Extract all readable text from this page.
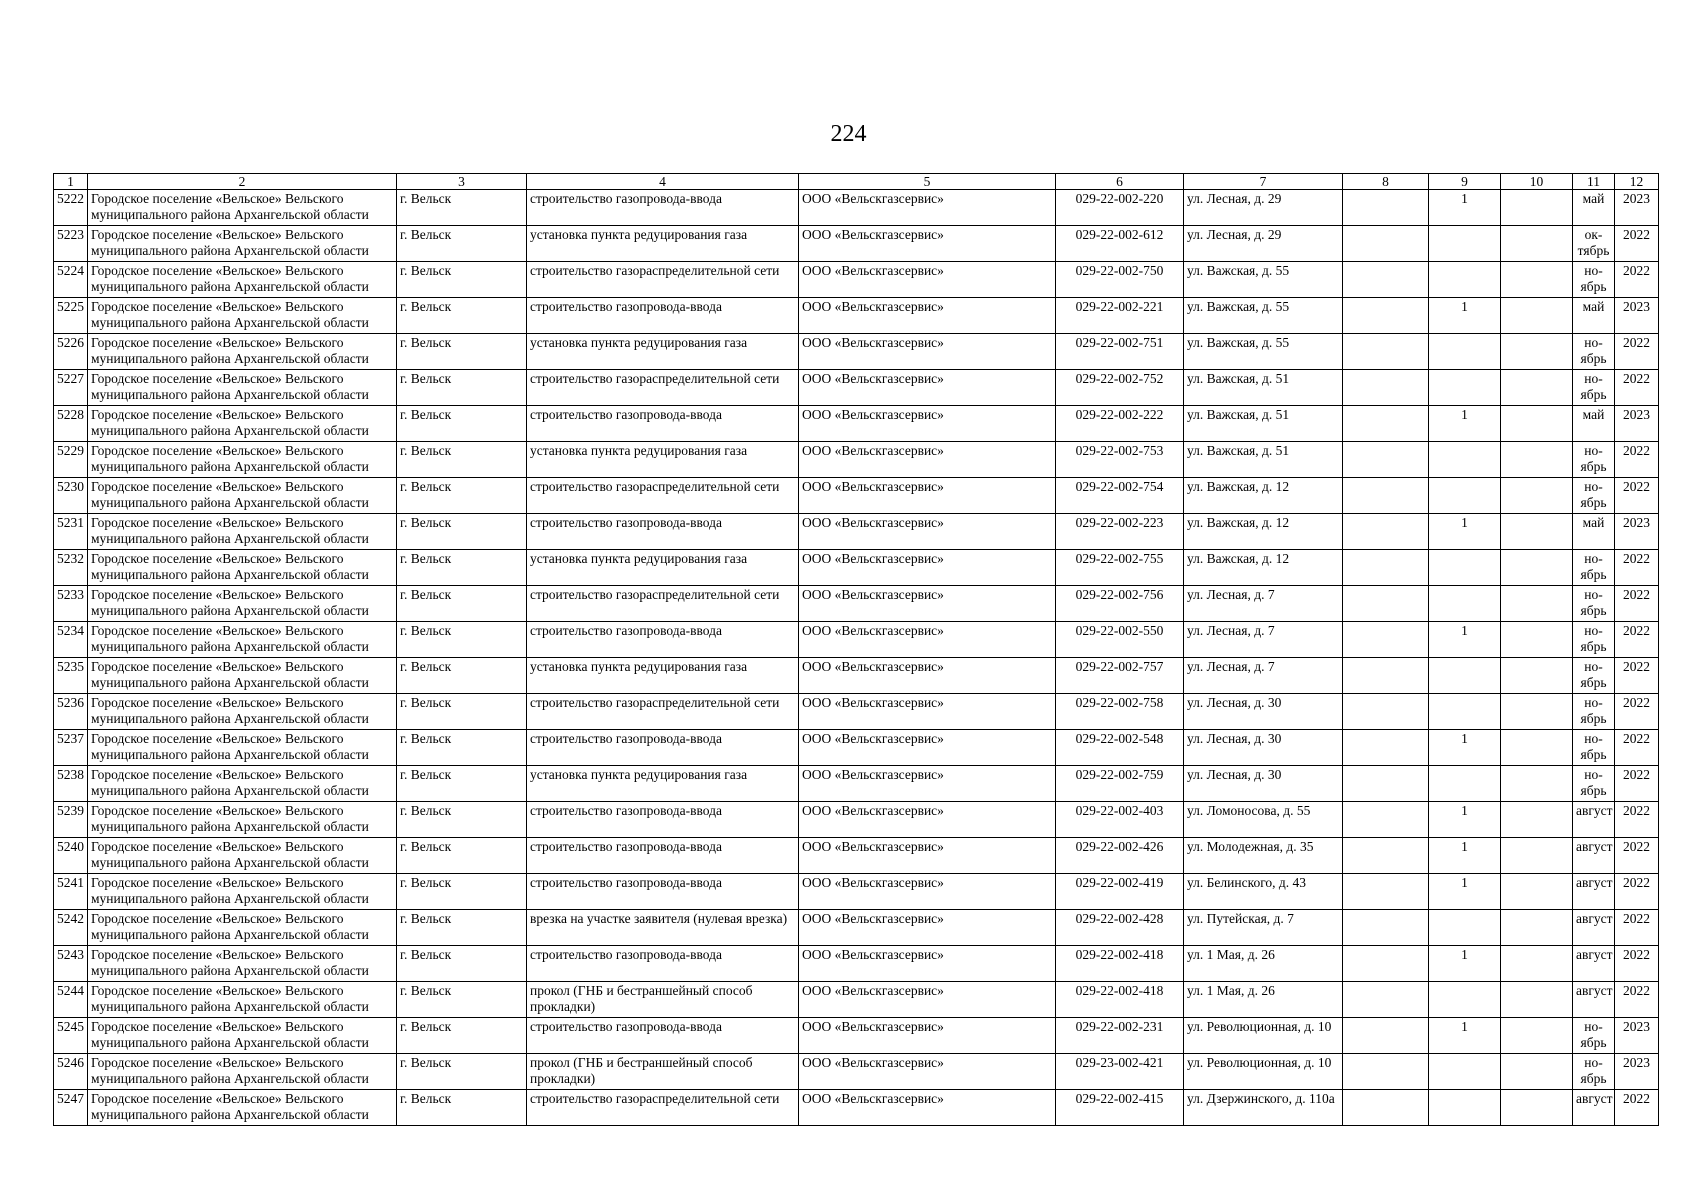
224
1	2	3	4	5	6	7	8	9	10	11	12
5222	Городское поселение «Вельское» Вельского муниципального района Архангельской области	г. Вельск	строительство газопровода-ввода	ООО «Вельскгазсервис»	029-22-002-220	ул. Лесная, д. 29		1		май	2023
5223	Городское поселение «Вельское» Вельского муниципального района Архангельской области	г. Вельск	установка пункта редуцирования газа	ООО «Вельскгазсервис»	029-22-002-612	ул. Лесная, д. 29				ок-тябрь	2022
5224	Городское поселение «Вельское» Вельского муниципального района Архангельской области	г. Вельск	строительство газораспределительной сети	ООО «Вельскгазсервис»	029-22-002-750	ул. Важская, д. 55				но-ябрь	2022
5225	Городское поселение «Вельское» Вельского муниципального района Архангельской области	г. Вельск	строительство газопровода-ввода	ООО «Вельскгазсервис»	029-22-002-221	ул. Важская, д. 55		1		май	2023
5226	Городское поселение «Вельское» Вельского муниципального района Архангельской области	г. Вельск	установка пункта редуцирования газа	ООО «Вельскгазсервис»	029-22-002-751	ул. Важская, д. 55				но-ябрь	2022
5227	Городское поселение «Вельское» Вельского муниципального района Архангельской области	г. Вельск	строительство газораспределительной сети	ООО «Вельскгазсервис»	029-22-002-752	ул. Важская, д. 51				но-ябрь	2022
5228	Городское поселение «Вельское» Вельского муниципального района Архангельской области	г. Вельск	строительство газопровода-ввода	ООО «Вельскгазсервис»	029-22-002-222	ул. Важская, д. 51		1		май	2023
5229	Городское поселение «Вельское» Вельского муниципального района Архангельской области	г. Вельск	установка пункта редуцирования газа	ООО «Вельскгазсервис»	029-22-002-753	ул. Важская, д. 51				но-ябрь	2022
5230	Городское поселение «Вельское» Вельского муниципального района Архангельской области	г. Вельск	строительство газораспределительной сети	ООО «Вельскгазсервис»	029-22-002-754	ул. Важская, д. 12				но-ябрь	2022
5231	Городское поселение «Вельское» Вельского муниципального района Архангельской области	г. Вельск	строительство газопровода-ввода	ООО «Вельскгазсервис»	029-22-002-223	ул. Важская, д. 12		1		май	2023
5232	Городское поселение «Вельское» Вельского муниципального района Архангельской области	г. Вельск	установка пункта редуцирования газа	ООО «Вельскгазсервис»	029-22-002-755	ул. Важская, д. 12				но-ябрь	2022
5233	Городское поселение «Вельское» Вельского муниципального района Архангельской области	г. Вельск	строительство газораспределительной сети	ООО «Вельскгазсервис»	029-22-002-756	ул. Лесная, д. 7				но-ябрь	2022
5234	Городское поселение «Вельское» Вельского муниципального района Архангельской области	г. Вельск	строительство газопровода-ввода	ООО «Вельскгазсервис»	029-22-002-550	ул. Лесная, д. 7		1		но-ябрь	2022
5235	Городское поселение «Вельское» Вельского муниципального района Архангельской области	г. Вельск	установка пункта редуцирования газа	ООО «Вельскгазсервис»	029-22-002-757	ул. Лесная, д. 7				но-ябрь	2022
5236	Городское поселение «Вельское» Вельского муниципального района Архангельской области	г. Вельск	строительство газораспределительной сети	ООО «Вельскгазсервис»	029-22-002-758	ул. Лесная, д. 30				но-ябрь	2022
5237	Городское поселение «Вельское» Вельского муниципального района Архангельской области	г. Вельск	строительство газопровода-ввода	ООО «Вельскгазсервис»	029-22-002-548	ул. Лесная, д. 30		1		но-ябрь	2022
5238	Городское поселение «Вельское» Вельского муниципального района Архангельской области	г. Вельск	установка пункта редуцирования газа	ООО «Вельскгазсервис»	029-22-002-759	ул. Лесная, д. 30				но-ябрь	2022
5239	Городское поселение «Вельское» Вельского муниципального района Архангельской области	г. Вельск	строительство газопровода-ввода	ООО «Вельскгазсервис»	029-22-002-403	ул. Ломоносова, д. 55		1		август	2022
5240	Городское поселение «Вельское» Вельского муниципального района Архангельской области	г. Вельск	строительство газопровода-ввода	ООО «Вельскгазсервис»	029-22-002-426	ул. Молодежная, д. 35		1		август	2022
5241	Городское поселение «Вельское» Вельского муниципального района Архангельской области	г. Вельск	строительство газопровода-ввода	ООО «Вельскгазсервис»	029-22-002-419	ул. Белинского, д. 43		1		август	2022
5242	Городское поселение «Вельское» Вельского муниципального района Архангельской области	г. Вельск	врезка на участке заявителя (нулевая врезка)	ООО «Вельскгазсервис»	029-22-002-428	ул. Путейская, д. 7				август	2022
5243	Городское поселение «Вельское» Вельского муниципального района Архангельской области	г. Вельск	строительство газопровода-ввода	ООО «Вельскгазсервис»	029-22-002-418	ул. 1 Мая, д. 26		1		август	2022
5244	Городское поселение «Вельское» Вельского муниципального района Архангельской области	г. Вельск	прокол (ГНБ и бестраншейный способ прокладки)	ООО «Вельскгазсервис»	029-22-002-418	ул. 1 Мая, д. 26				август	2022
5245	Городское поселение «Вельское» Вельского муниципального района Архангельской области	г. Вельск	строительство газопровода-ввода	ООО «Вельскгазсервис»	029-22-002-231	ул. Революционная, д. 10		1		но-ябрь	2023
5246	Городское поселение «Вельское» Вельского муниципального района Архангельской области	г. Вельск	прокол (ГНБ и бестраншейный способ прокладки)	ООО «Вельскгазсервис»	029-23-002-421	ул. Революционная, д. 10				но-ябрь	2023
5247	Городское поселение «Вельское» Вельского муниципального района Архангельской области	г. Вельск	строительство газораспределительной сети	ООО «Вельскгазсервис»	029-22-002-415	ул. Дзержинского, д. 110а				август	2022
